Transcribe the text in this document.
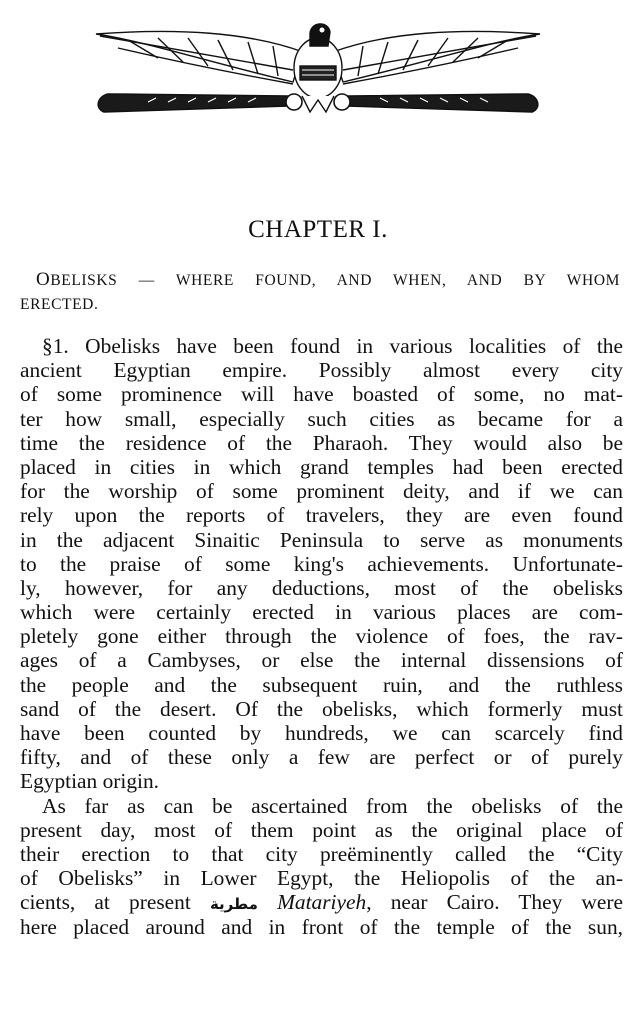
CHAPTER I.
OBELISKS — WHERE FOUND, AND WHEN, AND BY WHOM
ERECTED.
§1. Obelisks have been found in various localities of the
ancient Egyptian empire. Possibly almost every city
of some prominence will have boasted of some, no mat-
ter how small, especially such cities as became for a
time the residence of the Pharaoh. They would also be
placed in cities in which grand temples had been erected
for the worship of some prominent deity, and if we can
rely upon the reports of travelers, they are even found
in the adjacent Sinaitic Peninsula to serve as monuments
to the praise of some king's achievements. Unfortunate-
ly, however, for any deductions, most of the obelisks
which were certainly erected in various places are com-
pletely gone either through the violence of foes, the rav-
ages of a Cambyses, or else the internal dissensions of
the people and the subsequent ruin, and the ruthless
sand of the desert. Of the obelisks, which formerly must
have been counted by hundreds, we can scarcely find
fifty, and of these only a few are perfect or of purely
Egyptian origin.
As far as can be ascertained from the obelisks of the
present day, most of them point as the original place of
their erection to that city preëminently called the “City
of Obelisks” in Lower Egypt, the Heliopolis of the an-
cients, at present مطرية Matariyeh, near Cairo. They were
here placed around and in front of the temple of the sun,
